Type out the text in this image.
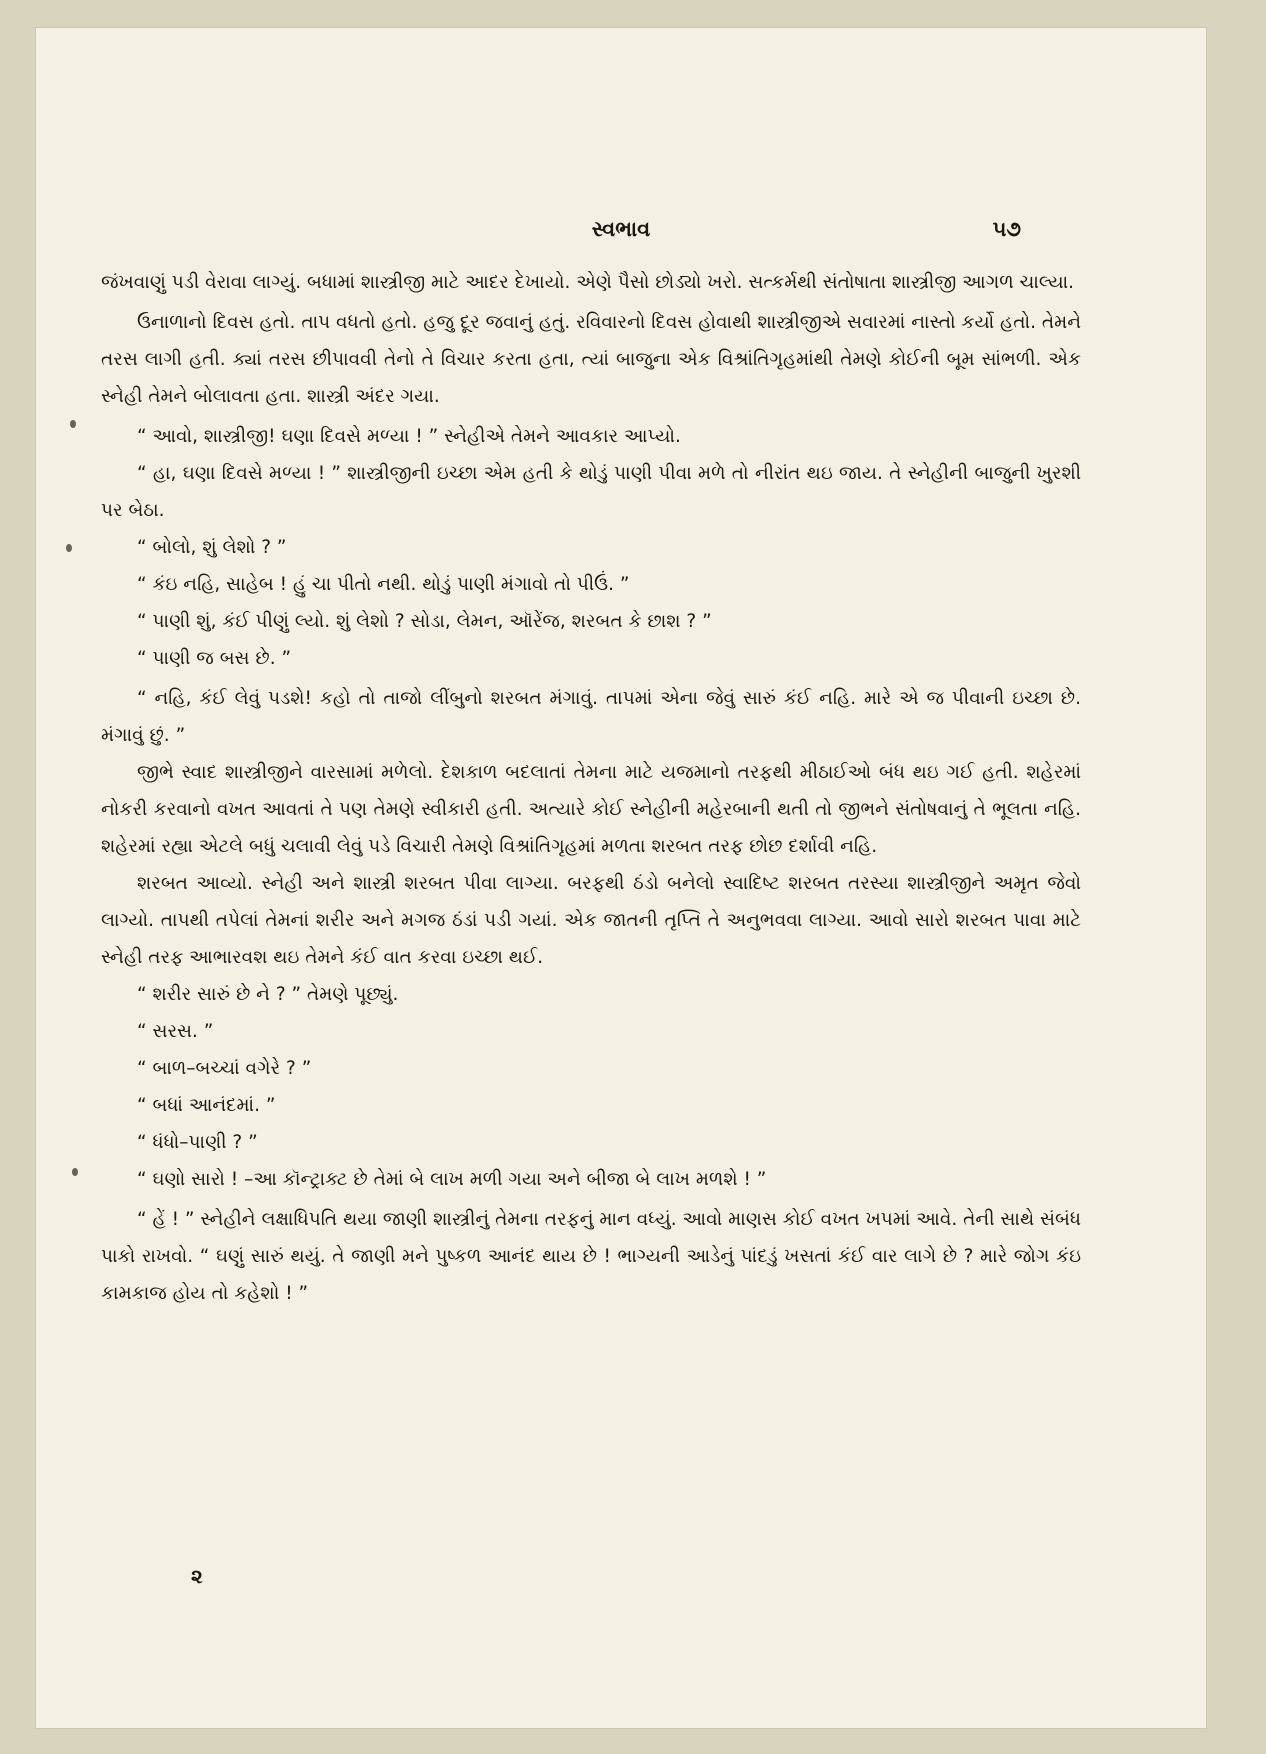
સ્વભાવ	૫૭

જંખવાણું પડી વેરાવા લાગ્યું. બધામાં શાસ્ત્રીજી માટે આદર દેખાયો. એણે પૈસો છોડ્યો ખરો. સત્કર્મથી સંતોષાતા શાસ્ત્રીજી આગળ ચાલ્યા.

ઉનાળાનો દિવસ હતો. તાપ વધતો હતો. હજુ દૂર જવાનું હતું. રવિવારનો દિવસ હોવાથી શાસ્ત્રીજીએ સવારમાં નાસ્તો કર્યો હતો. તેમને તરસ લાગી હતી. ક્યાં તરસ છીપાવવી તેનો તે વિચાર કરતા હતા, ત્યાં બાજુના એક વિશ્રાંતિગૃહમાંથી તેમણે કોઈની બૂમ સાંભળી. એક સ્નેહી તેમને બોલાવતા હતા. શાસ્ત્રી અંદર ગયા.

“ આવો, શાસ્ત્રીજી! ઘણા દિવસે મળ્યા ! ” સ્નેહીએ તેમને આવકાર આપ્યો.

“ હા, ઘણા દિવસે મળ્યા ! ” શાસ્ત્રીજીની ઇચ્છા એમ હતી કે થોડું પાણી પીવા મળે તો નીરાંત થઇ જાય. તે સ્નેહીની બાજુની ખુરશી પર બેઠા.

“ બોલો, શું લેશો ? ”

“ કંઇ નહિ, સાહેબ ! હું ચા પીતો નથી. થોડું પાણી મંગાવો તો પીઉં. ”

“ પાણી શું, કંઈ પીણું લ્યો. શું લેશો ? સોડા, લેમન, ઑરેંજ, શરબત કે છાશ ? ”

“ પાણી જ બસ છે. ”

“ નહિ, કંઈ લેવું પડશે! કહો તો તાજો લીંબુનો શરબત મંગાવું. તાપમાં એના જેવું સારું કંઈ નહિ. મારે એ જ પીવાની ઇચ્છા છે. મંગાવું છું. ”

જીભે સ્વાદ શાસ્ત્રીજીને વારસામાં મળેલો. દેશકાળ બદલાતાં તેમના માટે યજમાનો તરફથી મીઠાઈઓ બંધ થઇ ગઈ હતી. શહેરમાં નોકરી કરવાનો વખત આવતાં તે પણ તેમણે સ્વીકારી હતી. અત્યારે કોઈ સ્નેહીની મહેરબાની થતી તો જીભને સંતોષવાનું તે ભૂલતા નહિ. શહેરમાં રહ્યા એટલે બધું ચલાવી લેવું પડે વિચારી તેમણે વિશ્રાંતિગૃહમાં મળતા શરબત તરફ છોછ દર્શાવી નહિ.

શરબત આવ્યો. સ્નેહી અને શાસ્ત્રી શરબત પીવા લાગ્યા. બરફથી ઠંડો બનેલો સ્વાદિષ્ટ શરબત તરસ્યા શાસ્ત્રીજીને અમૃત જેવો લાગ્યો. તાપથી તપેલાં તેમનાં શરીર અને મગજ ઠંડાં પડી ગયાં. એક જાતની તૃપ્તિ તે અનુભવવા લાગ્યા. આવો સારો શરબત પાવા માટે સ્નેહી તરફ આભારવશ થઇ તેમને કંઈ વાત કરવા ઇચ્છા થઈ.

“ શરીર સારું છે ને ? ” તેમણે પૂછ્યું.

“ સરસ. ”

“ બાળ–બચ્ચાં વગેરે ? ”

“ બધાં આનંદમાં. ”

“ ધંધો–પાણી ? ”

“ ઘણો સારો ! –આ કૉન્ટ્રાક્ટ છે તેમાં બે લાખ મળી ગયા અને બીજા બે લાખ મળશે ! ”

“ હેં ! ” સ્નેહીને લક્ષાધિપતિ થયા જાણી શાસ્ત્રીનું તેમના તરફનું માન વધ્યું. આવો માણસ કોઈ વખત ખપમાં આવે. તેની સાથે સંબંધ પાકો રાખવો. “ ઘણું સારું થયું. તે જાણી મને પુષ્કળ આનંદ થાય છે ! ભાગ્યની આડેનું પાંદડું ખસતાં કંઈ વાર લાગે છે ? મારે જોગ કંઇ કામકાજ હોય તો કહેશો ! ”

૨
